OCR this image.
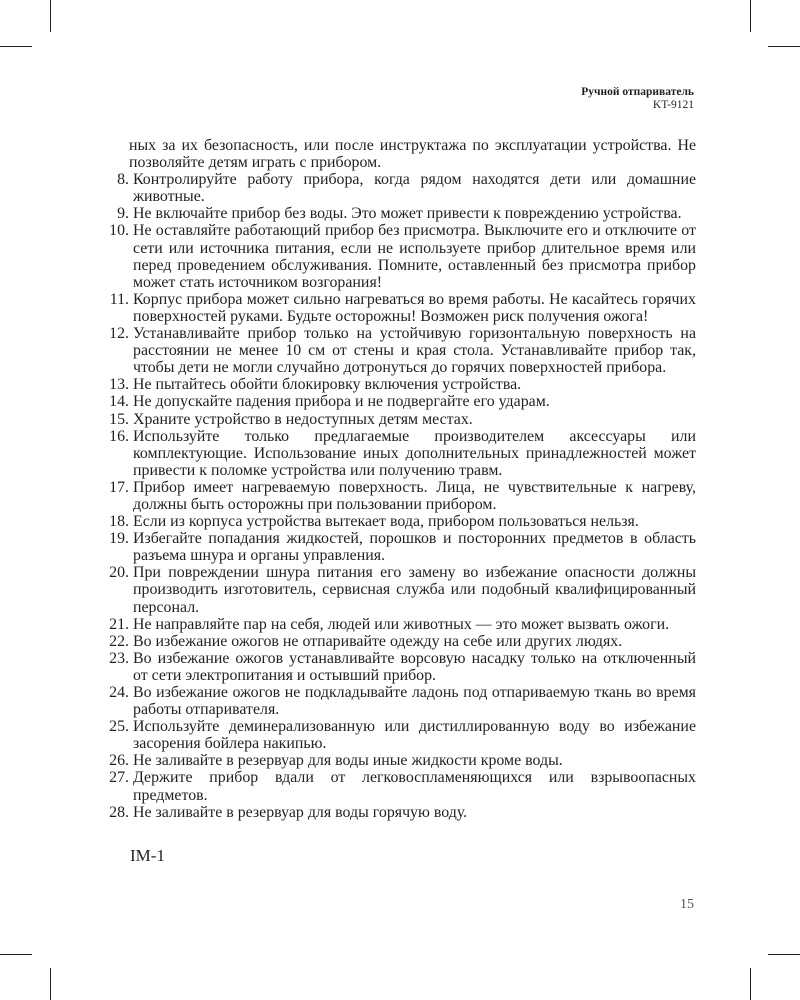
Ручной отпариватель
KT-9121
ных за их безопасность, или после инструктажа по эксплуатации устройства. Не позволяйте детям играть с прибором.
8. Контролируйте работу прибора, когда рядом находятся дети или домашние животные.
9. Не включайте прибор без воды. Это может привести к повреждению устройства.
10. Не оставляйте работающий прибор без присмотра. Выключите его и отключите от сети или источника питания, если не используете прибор длительное время или перед проведением обслуживания. Помните, оставленный без присмотра прибор может стать источником возгорания!
11. Корпус прибора может сильно нагреваться во время работы. Не касайтесь горячих поверхностей руками. Будьте осторожны! Возможен риск получения ожога!
12. Устанавливайте прибор только на устойчивую горизонтальную поверхность на расстоянии не менее 10 см от стены и края стола. Устанавливайте прибор так, чтобы дети не могли случайно дотронуться до горячих поверхностей прибора.
13. Не пытайтесь обойти блокировку включения устройства.
14. Не допускайте падения прибора и не подвергайте его ударам.
15. Храните устройство в недоступных детям местах.
16. Используйте только предлагаемые производителем аксессуары или комплектующие. Использование иных дополнительных принадлежностей может привести к поломке устройства или получению травм.
17. Прибор имеет нагреваемую поверхность. Лица, не чувствительные к нагреву, должны быть осторожны при пользовании прибором.
18. Если из корпуса устройства вытекает вода, прибором пользоваться нельзя.
19. Избегайте попадания жидкостей, порошков и посторонних предметов в область разъема шнура и органы управления.
20. При повреждении шнура питания его замену во избежание опасности должны производить изготовитель, сервисная служба или подобный квалифицированный персонал.
21. Не направляйте пар на себя, людей или животных — это может вызвать ожоги.
22. Во избежание ожогов не отпаривайте одежду на себе или других людях.
23. Во избежание ожогов устанавливайте ворсовую насадку только на отключенный от сети электропитания и остывший прибор.
24. Во избежание ожогов не подкладывайте ладонь под отпариваемую ткань во время работы отпаривателя.
25. Используйте деминерализованную или дистиллированную воду во избежание засорения бойлера накипью.
26. Не заливайте в резервуар для воды иные жидкости кроме воды.
27. Держите прибор вдали от легковоспламеняющихся или взрывоопасных предметов.
28. Не заливайте в резервуар для воды горячую воду.
IM-1
15
